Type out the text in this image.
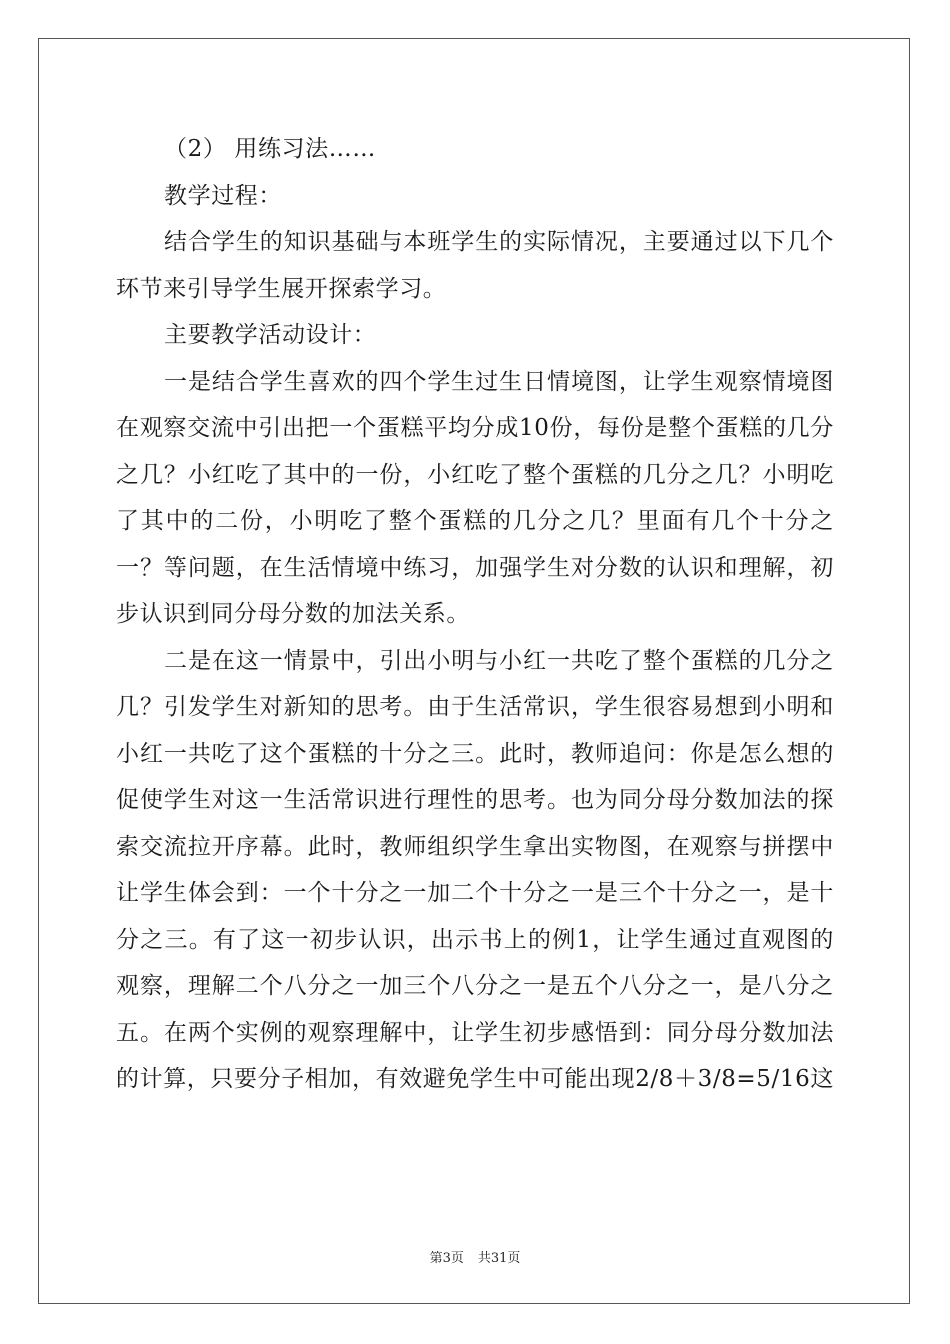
（2） 用练习法……

教学过程：

结合学生的知识基础与本班学生的实际情况，主要通过以下几个环节来引导学生展开探索学习。

主要教学活动设计：

一是结合学生喜欢的四个学生过生日情境图，让学生观察情境图在观察交流中引出把一个蛋糕平均分成10份，每份是整个蛋糕的几分之几？小红吃了其中的一份，小红吃了整个蛋糕的几分之几？小明吃了其中的二份，小明吃了整个蛋糕的几分之几？里面有几个十分之一？等问题，在生活情境中练习，加强学生对分数的认识和理解，初步认识到同分母分数的加法关系。

二是在这一情景中，引出小明与小红一共吃了整个蛋糕的几分之几？引发学生对新知的思考。由于生活常识，学生很容易想到小明和小红一共吃了这个蛋糕的十分之三。此时，教师追问：你是怎么想的促使学生对这一生活常识进行理性的思考。也为同分母分数加法的探索交流拉开序幕。此时，教师组织学生拿出实物图，在观察与拼摆中让学生体会到：一个十分之一加二个十分之一是三个十分之一，是十分之三。有了这一初步认识，出示书上的例1，让学生通过直观图的观察，理解二个八分之一加三个八分之一是五个八分之一，是八分之五。在两个实例的观察理解中，让学生初步感悟到：同分母分数加法的计算，只要分子相加，有效避免学生中可能出现2/8＋3/8=5/16这

第3页 共31页
